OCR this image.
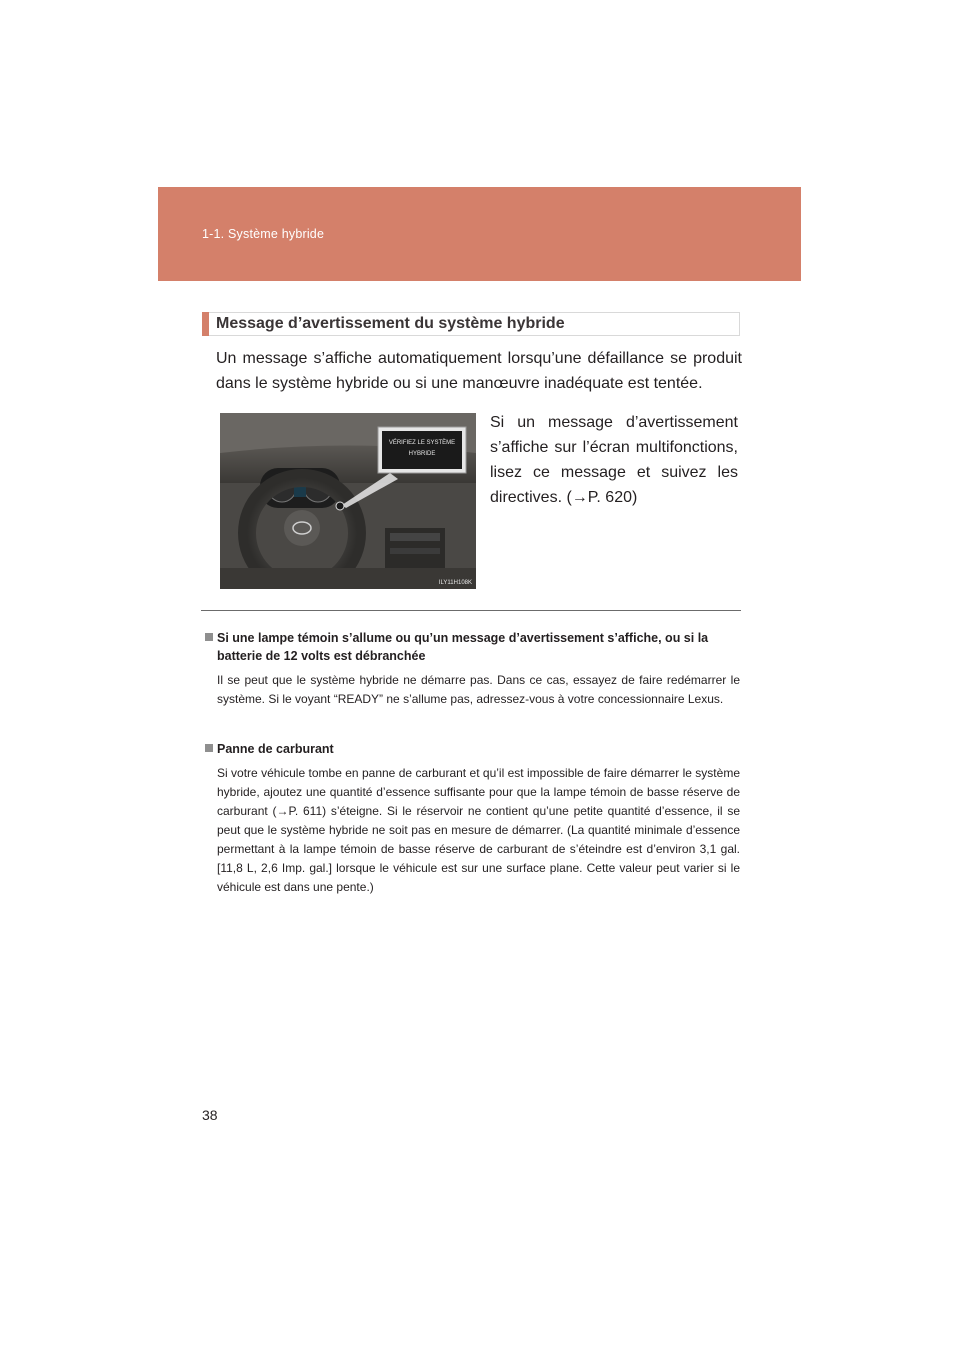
1-1. Système hybride
Message d’avertissement du système hybride
Un message s’affiche automatiquement lorsqu’une défaillance se produit dans le système hybride ou si une manœuvre inadéquate est tentée.
VÉRIFIEZ LE SYSTÈME
HYBRIDE
ILY11H108K
Si un message d’avertissement s’affiche sur l’écran multifonctions, lisez ce message et suivez les directives. (→P. 620)
Si une lampe témoin s’allume ou qu’un message d’avertissement s’affiche, ou si la batterie de 12 volts est débranchée
Il se peut que le système hybride ne démarre pas. Dans ce cas, essayez de faire redémarrer le système. Si le voyant “READY” ne s’allume pas, adressez-vous à votre concessionnaire Lexus.
Panne de carburant
Si votre véhicule tombe en panne de carburant et qu’il est impossible de faire démarrer le système hybride, ajoutez une quantité d’essence suffisante pour que la lampe témoin de basse réserve de carburant (→P. 611) s’éteigne. Si le réservoir ne contient qu’une petite quantité d’essence, il se peut que le système hybride ne soit pas en mesure de démarrer. (La quantité minimale d’essence permettant à la lampe témoin de basse réserve de carburant de s’éteindre est d’environ 3,1 gal. [11,8 L, 2,6 Imp. gal.] lorsque le véhicule est sur une surface plane. Cette valeur peut varier si le véhicule est dans une pente.)
38
